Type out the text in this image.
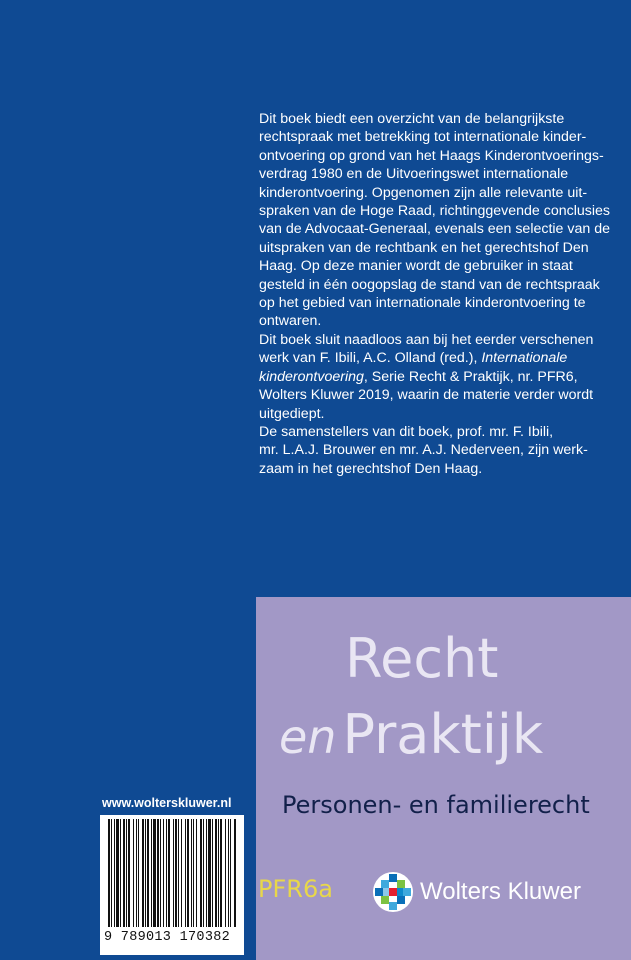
Dit boek biedt een overzicht van de belangrijkste
rechtspraak met betrekking tot internationale kinder-
ontvoering op grond van het Haags Kinderontvoerings-
verdrag 1980 en de Uitvoeringswet internationale
kinderontvoering. Opgenomen zijn alle relevante uit-
spraken van de Hoge Raad, richtinggevende conclusies
van de Advocaat-Generaal, evenals een selectie van de
uitspraken van de rechtbank en het gerechtshof Den
Haag. Op deze manier wordt de gebruiker in staat
gesteld in één oogopslag de stand van de rechtspraak
op het gebied van internationale kinderontvoering te
ontwaren.
Dit boek sluit naadloos aan bij het eerder verschenen
werk van F. Ibili, A.C. Olland (red.), Internationale
kinderontvoering, Serie Recht & Praktijk, nr. PFR6,
Wolters Kluwer 2019, waarin de materie verder wordt
uitgediept.
De samenstellers van dit boek, prof. mr. F. Ibili,
mr. L.A.J. Brouwer en mr. A.J. Nederveen, zijn werk-
zaam in het gerechtshof Den Haag.
Recht
en Praktijk
Personen- en familierecht
PFR6a	Wolters Kluwer
www.wolterskluwer.nl
9 789013 170382
